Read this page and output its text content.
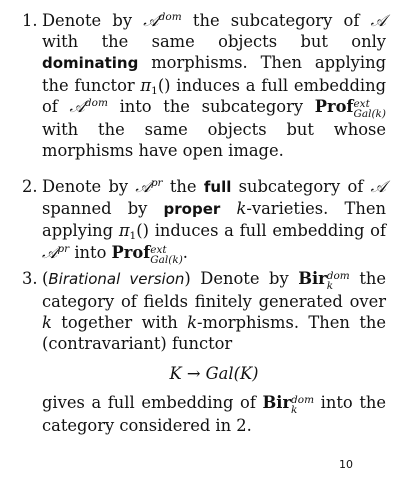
1. Denote by 𝒜$^{dom}$ the subcategory of 𝒜 with the same objects but only dominating morphisms. Then applying the functor $\pi_1()$ induces a full embedding of 𝒜$^{dom}$ into the subcategory Prof ext
Gal(k)
with the same objects but whose morphisms have open image.
2. Denote by 𝒜$^{pr}$ the full subcategory of 𝒜 spanned by proper k-varieties. Then applying $\pi_1()$ induces a full embedding of 𝒜$^{pr}$ into Prof ext
Gal(k) .
3. (Birational version) Denote by Bir dom
k	the category of fields finitely generated over k together with k-morphisms. Then the (contravariant) functor
K → Gal(K)
gives a full embedding of Bir dom
k	into the category considered in 2.
10
